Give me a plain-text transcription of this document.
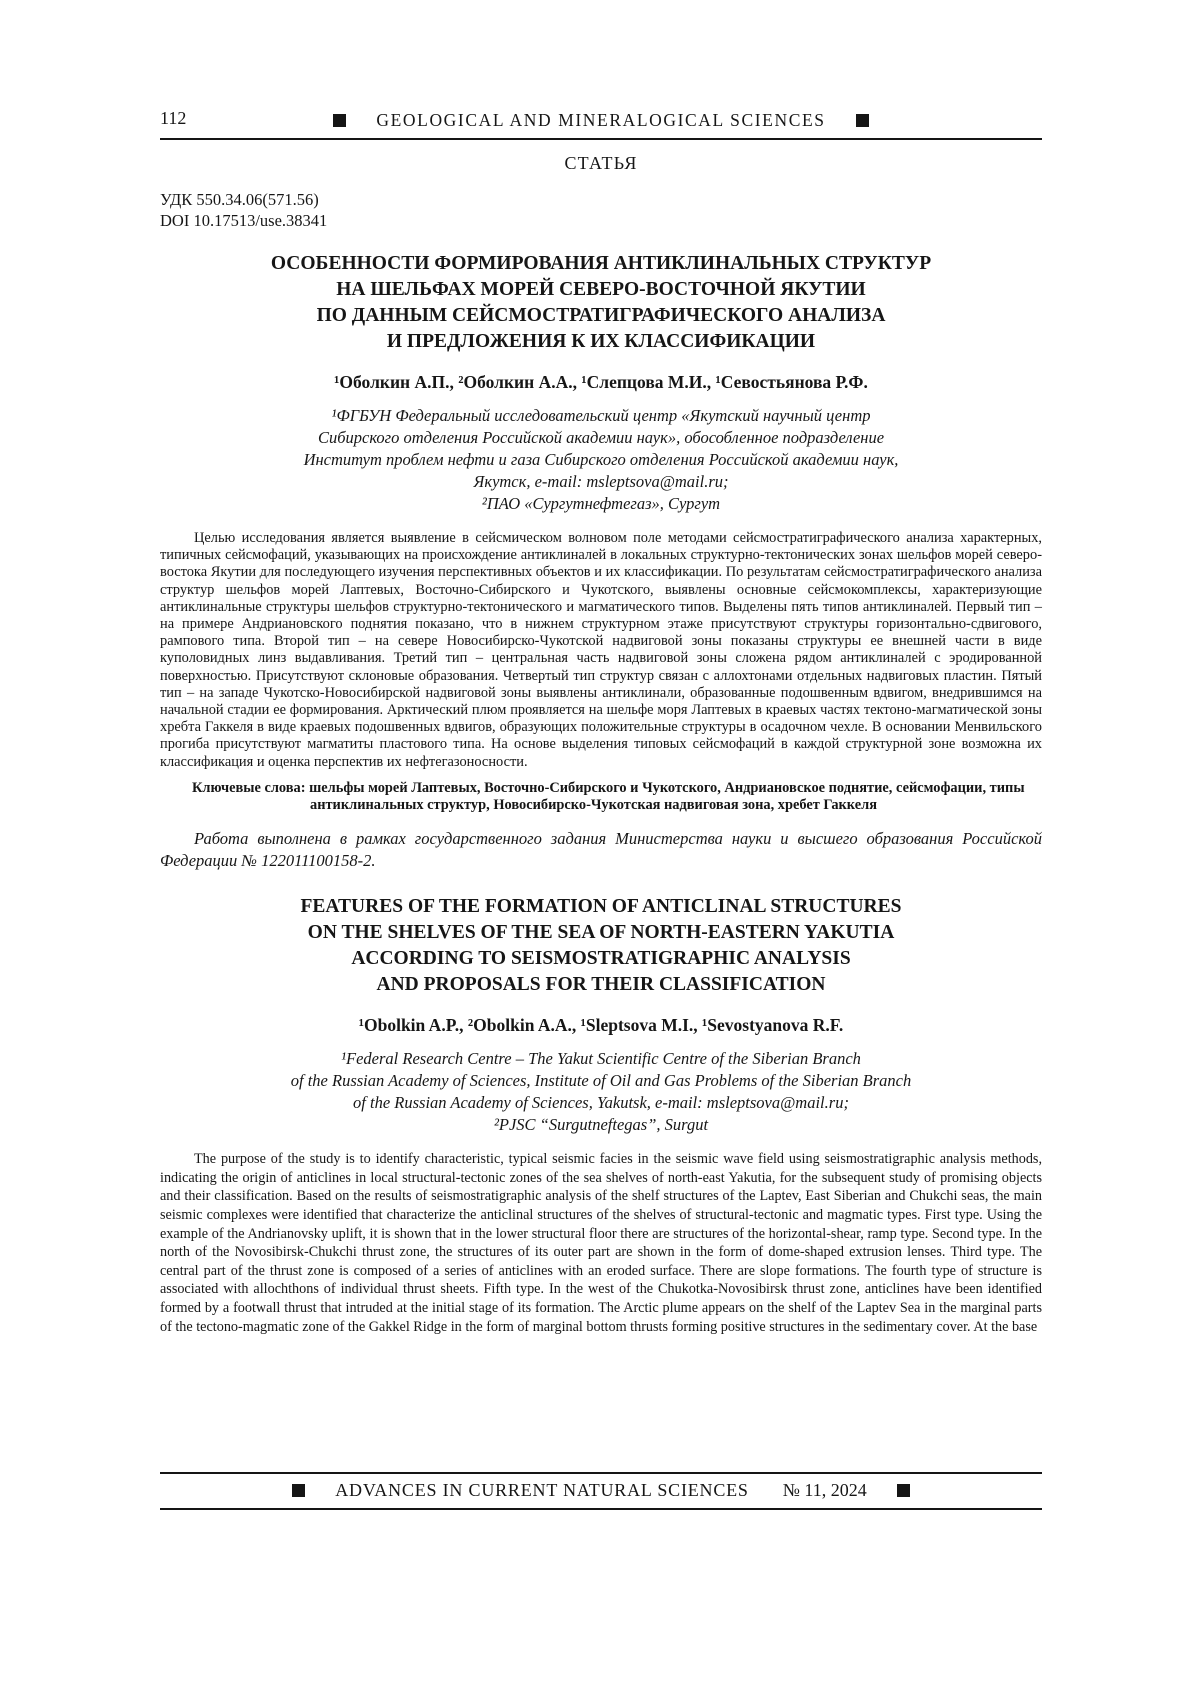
112	GEOLOGICAL AND MINERALOGICAL SCIENCES
СТАТЬЯ
УДК 550.34.06(571.56)
DOI 10.17513/use.38341
ОСОБЕННОСТИ ФОРМИРОВАНИЯ АНТИКЛИНАЛЬНЫХ СТРУКТУР
НА ШЕЛЬФАХ МОРЕЙ СЕВЕРО-ВОСТОЧНОЙ ЯКУТИИ
ПО ДАННЫМ СЕЙСМОСТРАТИГРАФИЧЕСКОГО АНАЛИЗА
И ПРЕДЛОЖЕНИЯ К ИХ КЛАССИФИКАЦИИ
¹Оболкин А.П., ²Оболкин А.А., ¹Слепцова М.И., ¹Севостьянова Р.Ф.
¹ФГБУН Федеральный исследовательский центр «Якутский научный центр
Сибирского отделения Российской академии наук», обособленное подразделение
Институт проблем нефти и газа Сибирского отделения Российской академии наук,
Якутск, e-mail: msleptsova@mail.ru;
²ПАО «Сургутнефтегаз», Сургут
Целью исследования является выявление в сейсмическом волновом поле методами сейсмостратиграфического анализа характерных, типичных сейсмофаций, указывающих на происхождение антиклиналей в локальных структурно-тектонических зонах шельфов морей северо-востока Якутии для последующего изучения перспективных объектов и их классификации. По результатам сейсмостратиграфического анализа структур шельфов морей Лаптевых, Восточно-Сибирского и Чукотского, выявлены основные сейсмокомплексы, характеризующие антиклинальные структуры шельфов структурно-тектонического и магматического типов. Выделены пять типов антиклиналей. Первый тип – на примере Андриановского поднятия показано, что в нижнем структурном этаже присутствуют структуры горизонтально-сдвигового, рампового типа. Второй тип – на севере Новосибирско-Чукотской надвиговой зоны показаны структуры ее внешней части в виде куполовидных линз выдавливания. Третий тип – центральная часть надвиговой зоны сложена рядом антиклиналей с эродированной поверхностью. Присутствуют склоновые образования. Четвертый тип структур связан с аллохтонами отдельных надвиговых пластин. Пятый тип – на западе Чукотско-Новосибирской надвиговой зоны выявлены антиклинали, образованные подошвенным вдвигом, внедрившимся на начальной стадии ее формирования. Арктический плюм проявляется на шельфе моря Лаптевых в краевых частях тектоно-магматической зоны хребта Гаккеля в виде краевых подошвенных вдвигов, образующих положительные структуры в осадочном чехле. В основании Менвильского прогиба присутствуют магматиты пластового типа. На основе выделения типовых сейсмофаций в каждой структурной зоне возможна их классификация и оценка перспектив их нефтегазоносности.
Ключевые слова: шельфы морей Лаптевых, Восточно-Сибирского и Чукотского, Андриановское поднятие, сейсмофации, типы антиклинальных структур, Новосибирско-Чукотская надвиговая зона, хребет Гаккеля
Работа выполнена в рамках государственного задания Министерства науки и высшего образования Российской Федерации № 122011100158-2.
FEATURES OF THE FORMATION OF ANTICLINAL STRUCTURES
ON THE SHELVES OF THE SEA OF NORTH-EASTERN YAKUTIA
ACCORDING TO SEISMOSTRATIGRAPHIC ANALYSIS
AND PROPOSALS FOR THEIR CLASSIFICATION
¹Obolkin A.P., ²Obolkin A.A., ¹Sleptsova M.I., ¹Sevostyanova R.F.
¹Federal Research Centre – The Yakut Scientific Centre of the Siberian Branch
of the Russian Academy of Sciences, Institute of Oil and Gas Problems of the Siberian Branch
of the Russian Academy of Sciences, Yakutsk, e-mail: msleptsova@mail.ru;
²PJSC “Surgutneftegas”, Surgut
The purpose of the study is to identify characteristic, typical seismic facies in the seismic wave field using seismostratigraphic analysis methods, indicating the origin of anticlines in local structural-tectonic zones of the sea shelves of north-east Yakutia, for the subsequent study of promising objects and their classification. Based on the results of seismostratigraphic analysis of the shelf structures of the Laptev, East Siberian and Chukchi seas, the main seismic complexes were identified that characterize the anticlinal structures of the shelves of structural-tectonic and magmatic types. First type. Using the example of the Andrianovsky uplift, it is shown that in the lower structural floor there are structures of the horizontal-shear, ramp type. Second type. In the north of the Novosibirsk-Chukchi thrust zone, the structures of its outer part are shown in the form of dome-shaped extrusion lenses. Third type. The central part of the thrust zone is composed of a series of anticlines with an eroded surface. There are slope formations. The fourth type of structure is associated with allochthons of individual thrust sheets. Fifth type. In the west of the Chukotka-Novosibirsk thrust zone, anticlines have been identified formed by a footwall thrust that intruded at the initial stage of its formation. The Arctic plume appears on the shelf of the Laptev Sea in the marginal parts of the tectono-magmatic zone of the Gakkel Ridge in the form of marginal bottom thrusts forming positive structures in the sedimentary cover. At the base
ADVANCES IN CURRENT NATURAL SCIENCES № 11, 2024
